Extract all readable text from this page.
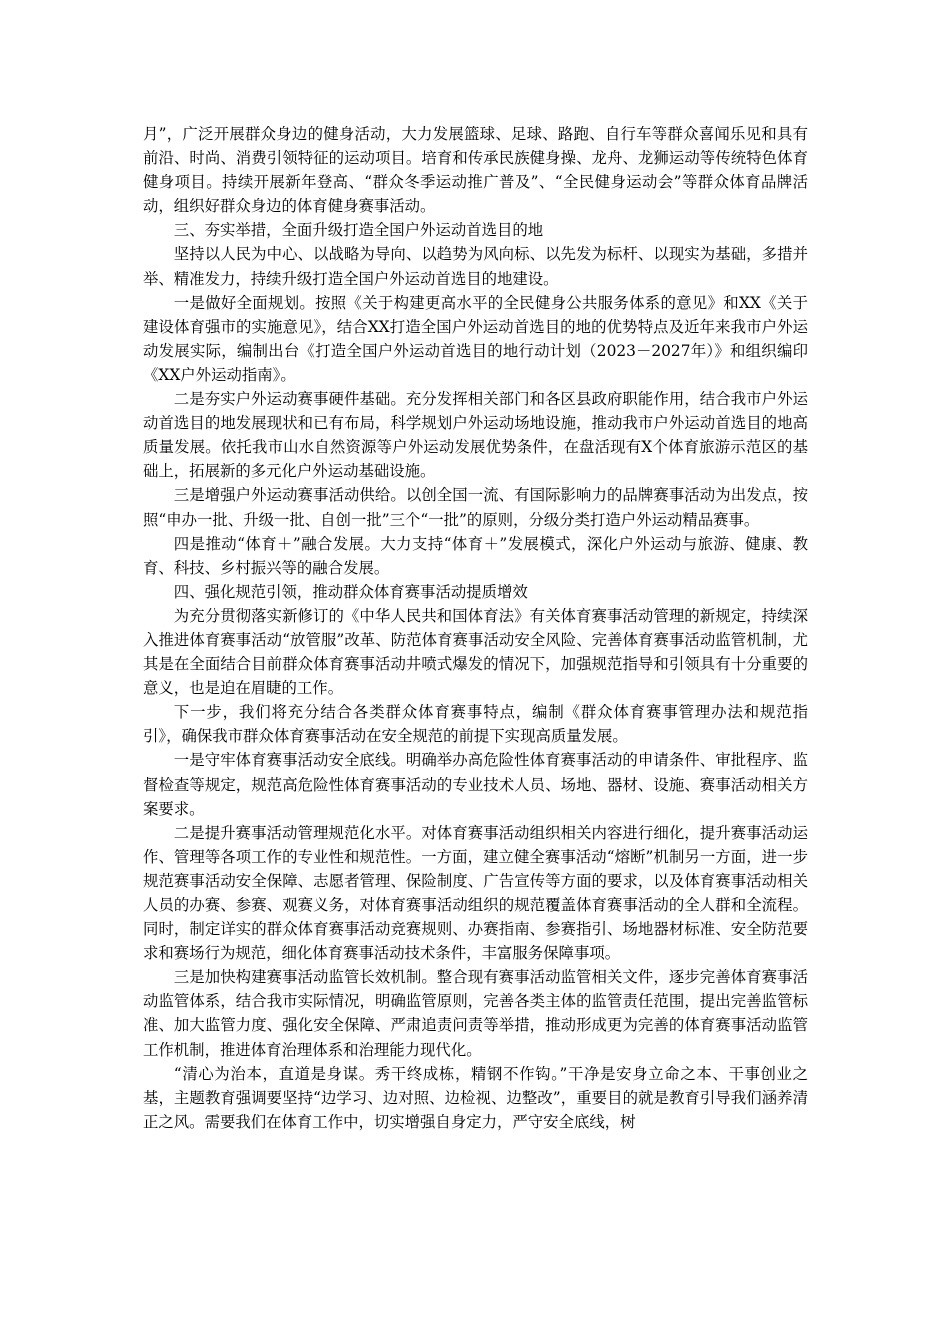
月”，广泛开展群众身边的健身活动，大力发展篮球、足球、路跑、自行车等群众喜闻乐见和具有前沿、时尚、消费引领特征的运动项目。培育和传承民族健身操、龙舟、龙狮运动等传统特色体育健身项目。持续开展新年登高、“群众冬季运动推广普及”、“全民健身运动会”等群众体育品牌活动，组织好群众身边的体育健身赛事活动。

三、夯实举措，全面升级打造全国户外运动首选目的地

坚持以人民为中心、以战略为导向、以趋势为风向标、以先发为标杆、以现实为基础，多措并举、精准发力，持续升级打造全国户外运动首选目的地建设。

一是做好全面规划。按照《关于构建更高水平的全民健身公共服务体系的意见》和XX《关于建设体育强市的实施意见》，结合XX打造全国户外运动首选目的地的优势特点及近年来我市户外运动发展实际，编制出台《打造全国户外运动首选目的地行动计划（2023－2027年）》和组织编印《XX户外运动指南》。

二是夯实户外运动赛事硬件基础。充分发挥相关部门和各区县政府职能作用，结合我市户外运动首选目的地发展现状和已有布局，科学规划户外运动场地设施，推动我市户外运动首选目的地高质量发展。依托我市山水自然资源等户外运动发展优势条件，在盘活现有X个体育旅游示范区的基础上，拓展新的多元化户外运动基础设施。

三是增强户外运动赛事活动供给。以创全国一流、有国际影响力的品牌赛事活动为出发点，按照“申办一批、升级一批、自创一批”三个“一批”的原则，分级分类打造户外运动精品赛事。

四是推动“体育＋”融合发展。大力支持“体育＋”发展模式，深化户外运动与旅游、健康、教育、科技、乡村振兴等的融合发展。

四、强化规范引领，推动群众体育赛事活动提质增效

为充分贯彻落实新修订的《中华人民共和国体育法》有关体育赛事活动管理的新规定，持续深入推进体育赛事活动“放管服”改革、防范体育赛事活动安全风险、完善体育赛事活动监管机制，尤其是在全面结合目前群众体育赛事活动井喷式爆发的情况下，加强规范指导和引领具有十分重要的意义，也是迫在眉睫的工作。

下一步，我们将充分结合各类群众体育赛事特点，编制《群众体育赛事管理办法和规范指引》，确保我市群众体育赛事活动在安全规范的前提下实现高质量发展。

一是守牢体育赛事活动安全底线。明确举办高危险性体育赛事活动的申请条件、审批程序、监督检查等规定，规范高危险性体育赛事活动的专业技术人员、场地、器材、设施、赛事活动相关方案要求。

二是提升赛事活动管理规范化水平。对体育赛事活动组织相关内容进行细化，提升赛事活动运作、管理等各项工作的专业性和规范性。一方面，建立健全赛事活动“熔断”机制另一方面，进一步规范赛事活动安全保障、志愿者管理、保险制度、广告宣传等方面的要求，以及体育赛事活动相关人员的办赛、参赛、观赛义务，对体育赛事活动组织的规范覆盖体育赛事活动的全人群和全流程。同时，制定详实的群众体育赛事活动竞赛规则、办赛指南、参赛指引、场地器材标准、安全防范要求和赛场行为规范，细化体育赛事活动技术条件，丰富服务保障事项。

三是加快构建赛事活动监管长效机制。整合现有赛事活动监管相关文件，逐步完善体育赛事活动监管体系，结合我市实际情况，明确监管原则，完善各类主体的监管责任范围，提出完善监管标准、加大监管力度、强化安全保障、严肃追责问责等举措，推动形成更为完善的体育赛事活动监管工作机制，推进体育治理体系和治理能力现代化。

“清心为治本，直道是身谋。秀干终成栋，精钢不作钩。”干净是安身立命之本、干事创业之基，主题教育强调要坚持“边学习、边对照、边检视、边整改”，重要目的就是教育引导我们涵养清正之风。需要我们在体育工作中，切实增强自身定力，严守安全底线，树
